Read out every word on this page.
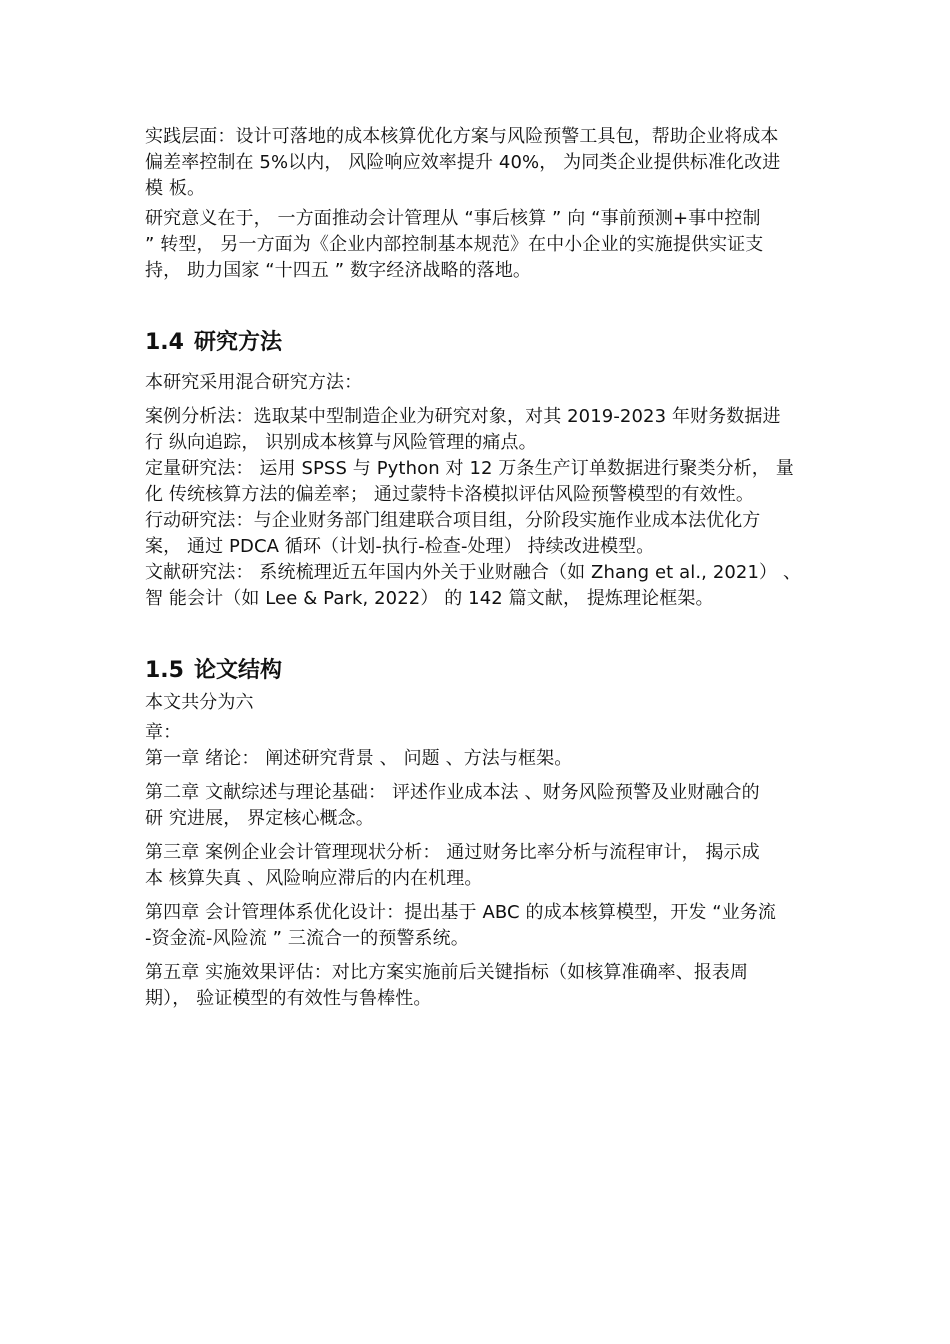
实践层面：设计可落地的成本核算优化方案与风险预警工具包，帮助企业将成本
偏差率控制在 5%以内， 风险响应效率提升 40%， 为同类企业提供标准化改进
模 板。

研究意义在于， 一方面推动会计管理从 “事后核算 ” 向 “事前预测+事中控制
” 转型， 另一方面为《企业内部控制基本规范》在中小企业的实施提供实证支
持， 助力国家 “十四五 ” 数字经济战略的落地。

1.4 研究方法

本研究采用混合研究方法：

案例分析法：选取某中型制造企业为研究对象，对其 2019-2023 年财务数据进
行 纵向追踪， 识别成本核算与风险管理的痛点。

定量研究法： 运用 SPSS 与 Python 对 12 万条生产订单数据进行聚类分析， 量
化 传统核算方法的偏差率； 通过蒙特卡洛模拟评估风险预警模型的有效性。

行动研究法：与企业财务部门组建联合项目组，分阶段实施作业成本法优化方
案， 通过 PDCA 循环（计划-执行-检查-处理） 持续改进模型。

文献研究法： 系统梳理近五年国内外关于业财融合（如 Zhang et al., 2021） 、
智 能会计（如 Lee & Park, 2022） 的 142 篇文献， 提炼理论框架。

1.5 论文结构

本文共分为六

章：

第一章 绪论： 阐述研究背景 、 问题 、方法与框架。

第二章 文献综述与理论基础： 评述作业成本法 、财务风险预警及业财融合的
研 究进展， 界定核心概念。

第三章 案例企业会计管理现状分析： 通过财务比率分析与流程审计， 揭示成
本 核算失真 、风险响应滞后的内在机理。

第四章 会计管理体系优化设计：提出基于 ABC 的成本核算模型，开发 “业务流
-资金流-风险流 ” 三流合一的预警系统。

第五章 实施效果评估：对比方案实施前后关键指标（如核算准确率、报表周
期）， 验证模型的有效性与鲁棒性。
